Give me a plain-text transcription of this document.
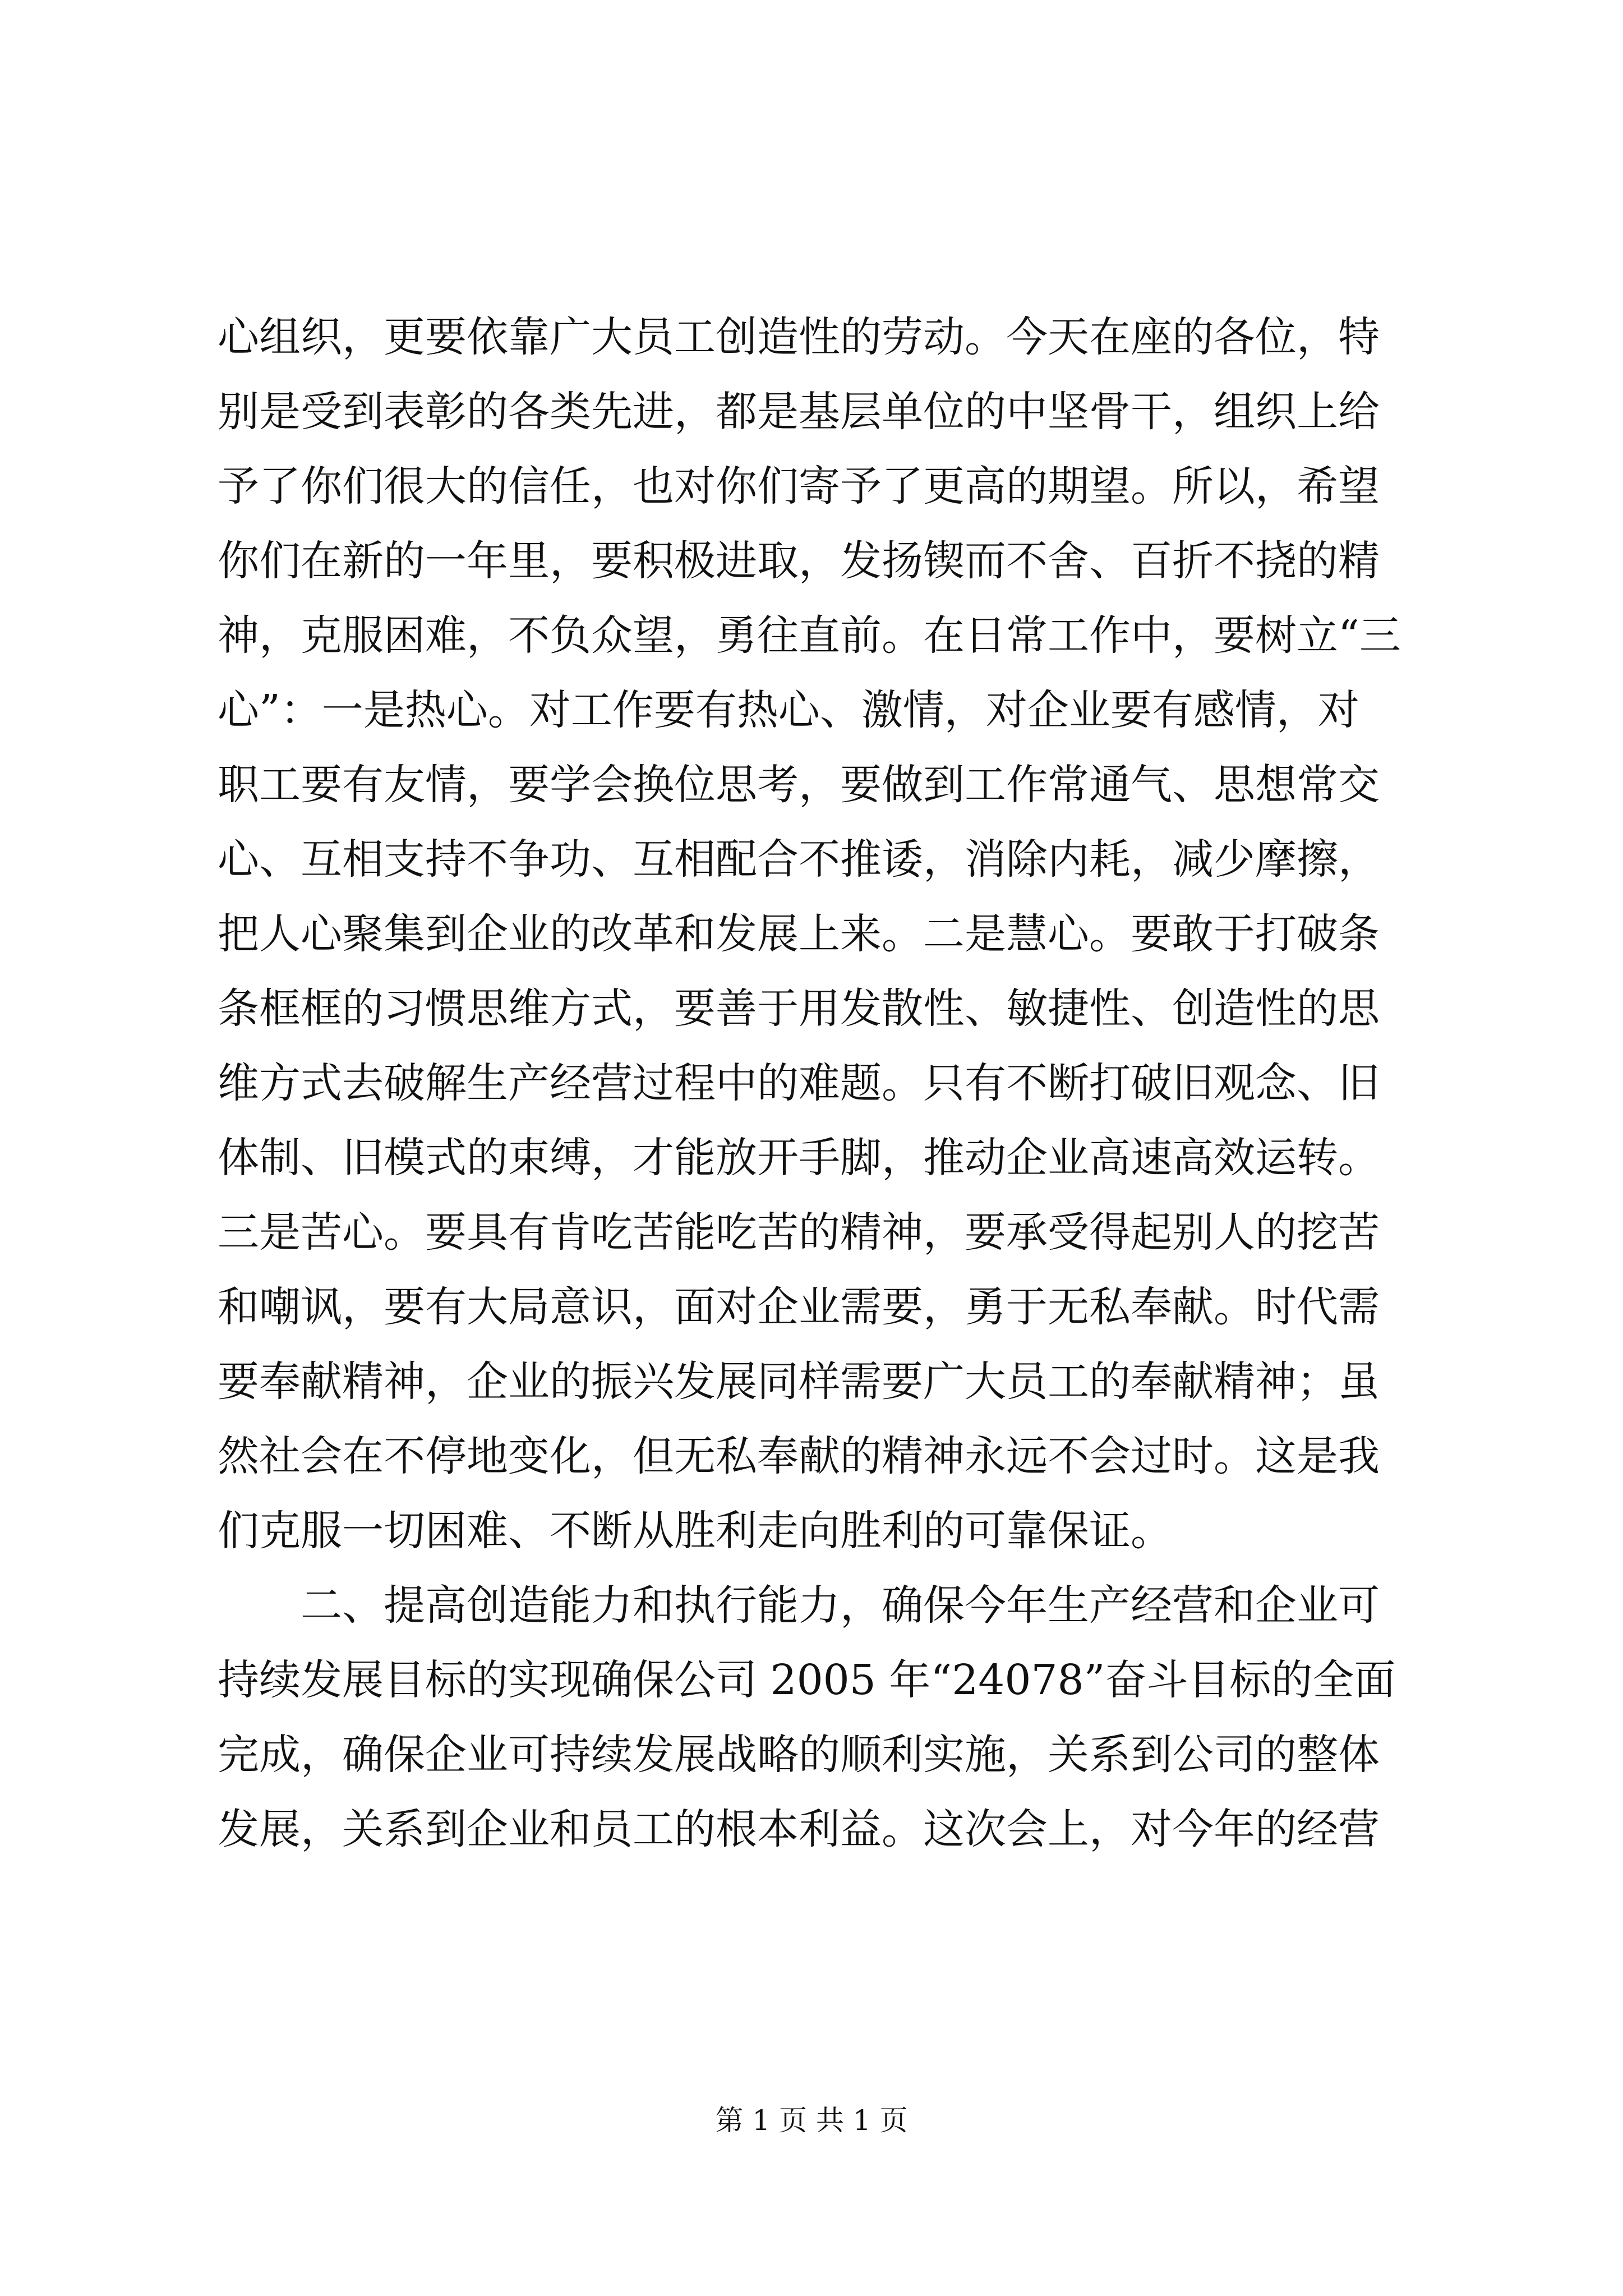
心组织，更要依靠广大员工创造性的劳动。今天在座的各位，特
别是受到表彰的各类先进，都是基层单位的中坚骨干，组织上给
予了你们很大的信任，也对你们寄予了更高的期望。所以，希望
你们在新的一年里，要积极进取，发扬锲而不舍、百折不挠的精
神，克服困难，不负众望，勇往直前。在日常工作中，要树立“三
心”：一是热心。对工作要有热心、激情，对企业要有感情，对
职工要有友情，要学会换位思考，要做到工作常通气、思想常交
心、互相支持不争功、互相配合不推诿，消除内耗，减少摩擦，
把人心聚集到企业的改革和发展上来。二是慧心。要敢于打破条
条框框的习惯思维方式，要善于用发散性、敏捷性、创造性的思
维方式去破解生产经营过程中的难题。只有不断打破旧观念、旧
体制、旧模式的束缚，才能放开手脚，推动企业高速高效运转。
三是苦心。要具有肯吃苦能吃苦的精神，要承受得起别人的挖苦
和嘲讽，要有大局意识，面对企业需要，勇于无私奉献。时代需
要奉献精神，企业的振兴发展同样需要广大员工的奉献精神；虽
然社会在不停地变化，但无私奉献的精神永远不会过时。这是我
们克服一切困难、不断从胜利走向胜利的可靠保证。
　　二、提高创造能力和执行能力，确保今年生产经营和企业可
持续发展目标的实现确保公司 2005 年“24078”奋斗目标的全面
完成，确保企业可持续发展战略的顺利实施，关系到公司的整体
发展，关系到企业和员工的根本利益。这次会上，对今年的经营
第 1 页 共 1 页
